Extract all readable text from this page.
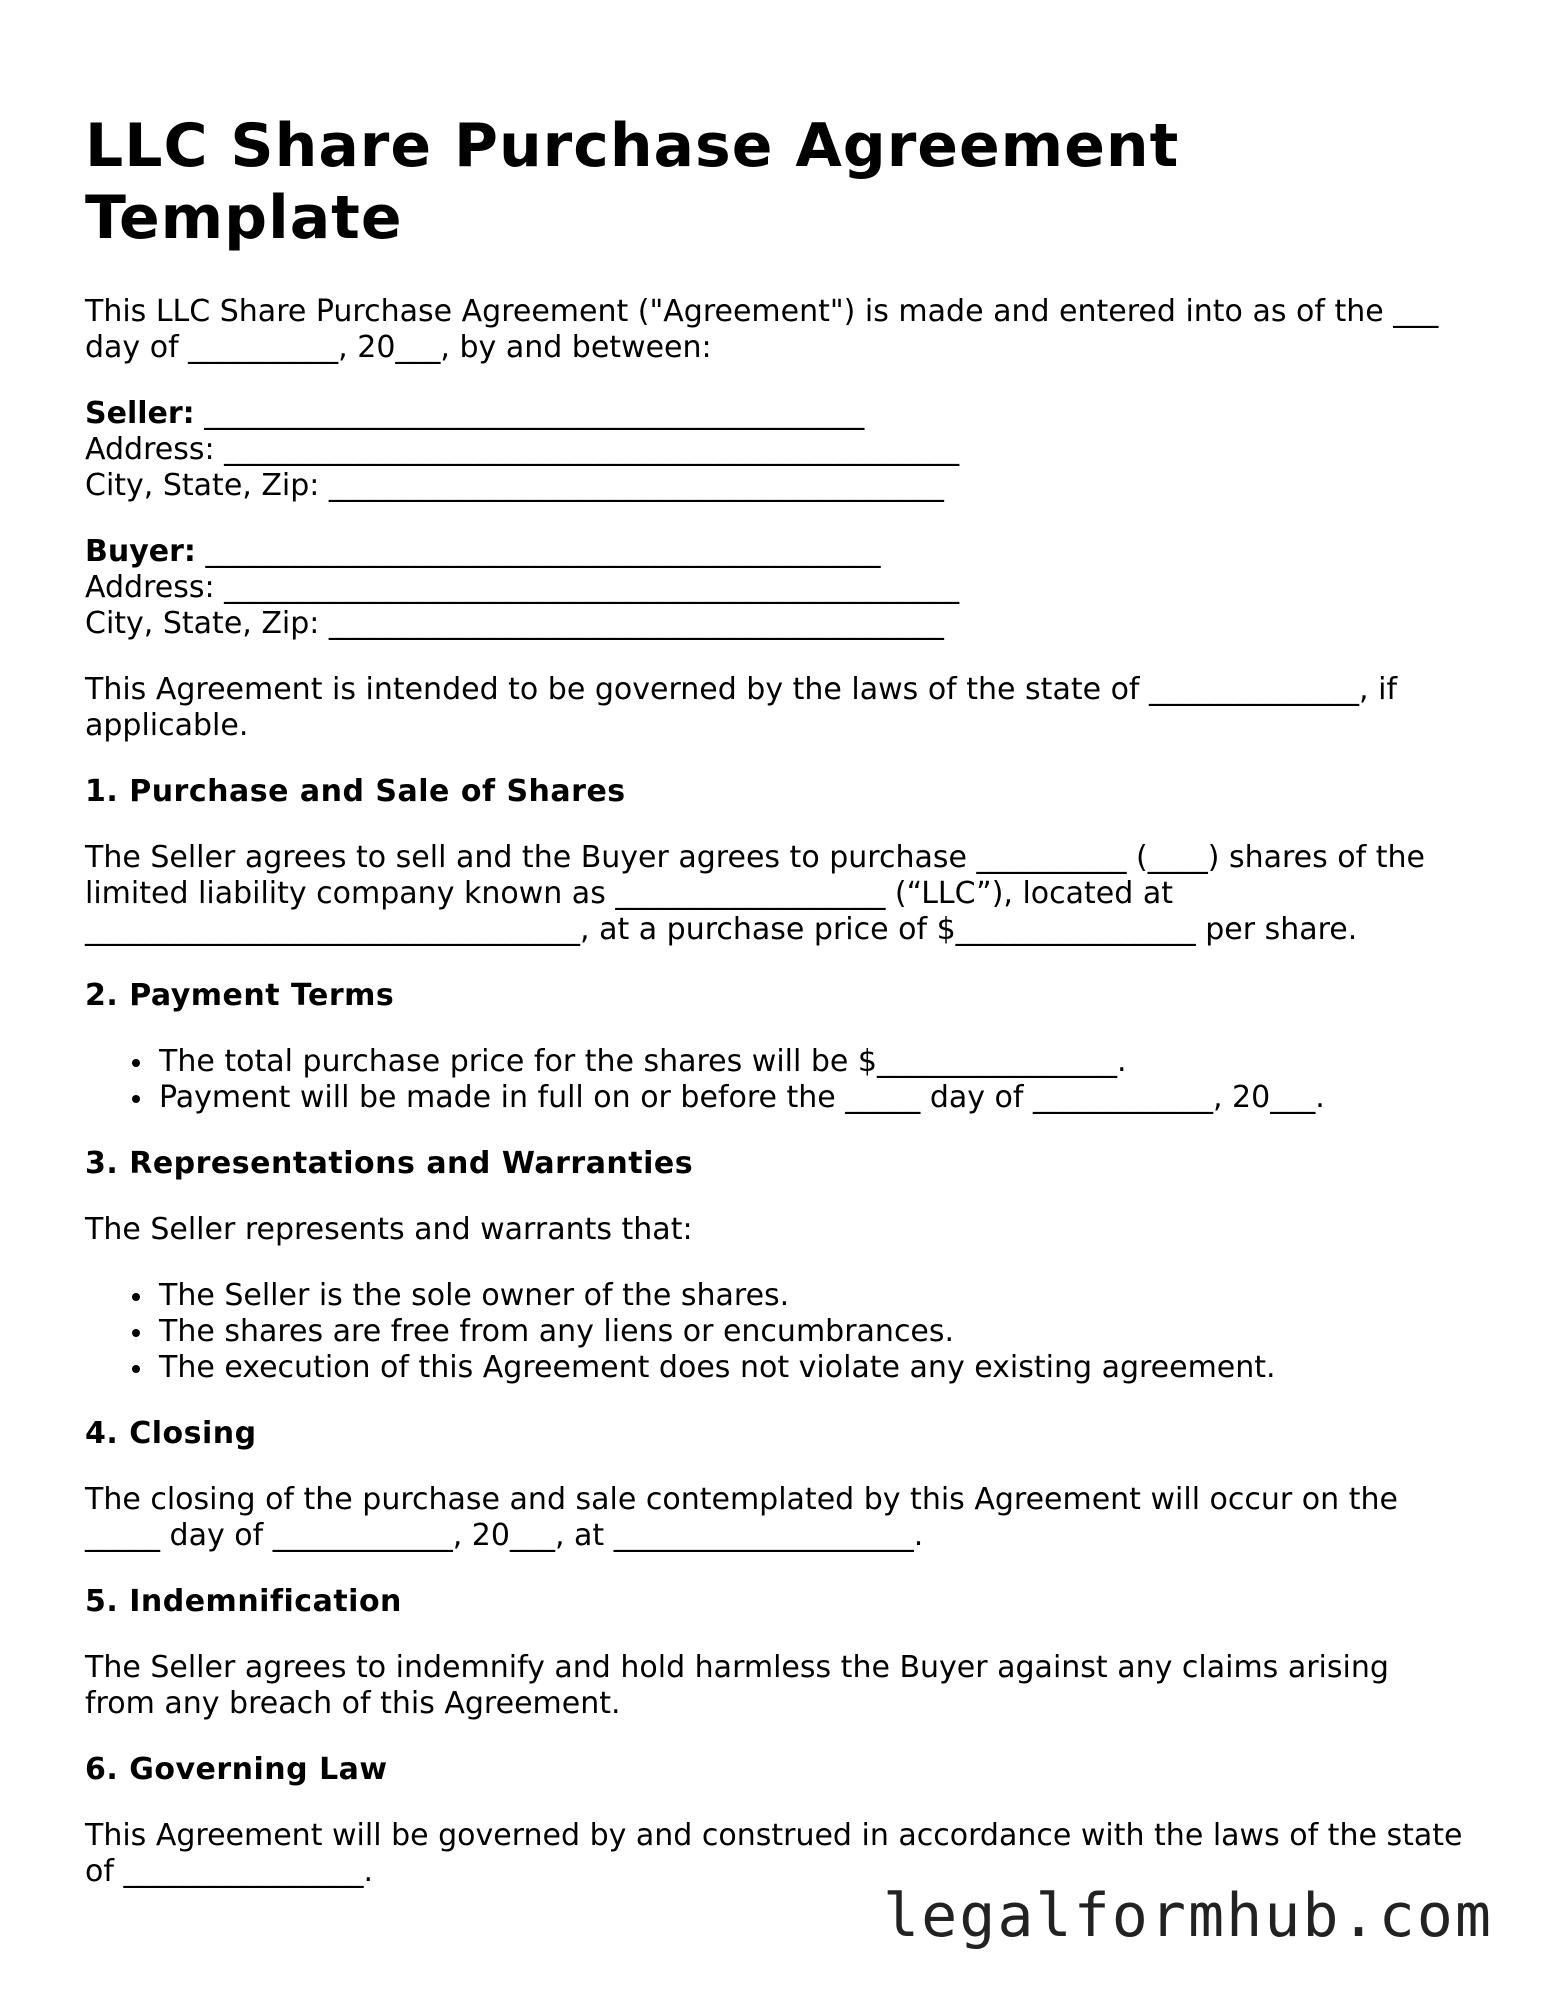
LLC Share Purchase Agreement Template

This LLC Share Purchase Agreement ("Agreement") is made and entered into as of the ___ day of __________, 20___, by and between:

Seller: ____________________________________________
Address: _________________________________________________
City, State, Zip: _________________________________________
Buyer: _____________________________________________
Address: _________________________________________________
City, State, Zip: _________________________________________

This Agreement is intended to be governed by the laws of the state of ______________, if applicable.

1. Purchase and Sale of Shares

The Seller agrees to sell and the Buyer agrees to purchase __________ (____) shares of the limited liability company known as __________________ (“LLC”), located at _________________________________, at a purchase price of $________________ per share.

2. Payment Terms
The total purchase price for the shares will be $________________.
Payment will be made in full on or before the _____ day of ____________, 20___.
3. Representations and Warranties

The Seller represents and warrants that:

The Seller is the sole owner of the shares.
The shares are free from any liens or encumbrances.
The execution of this Agreement does not violate any existing agreement.
4. Closing

The closing of the purchase and sale contemplated by this Agreement will occur on the _____ day of ____________, 20___, at ____________________.

5. Indemnification

The Seller agrees to indemnify and hold harmless the Buyer against any claims arising from any breach of this Agreement.

6. Governing Law

This Agreement will be governed by and construed in accordance with the laws of the state of ________________.

legalformhub.com
